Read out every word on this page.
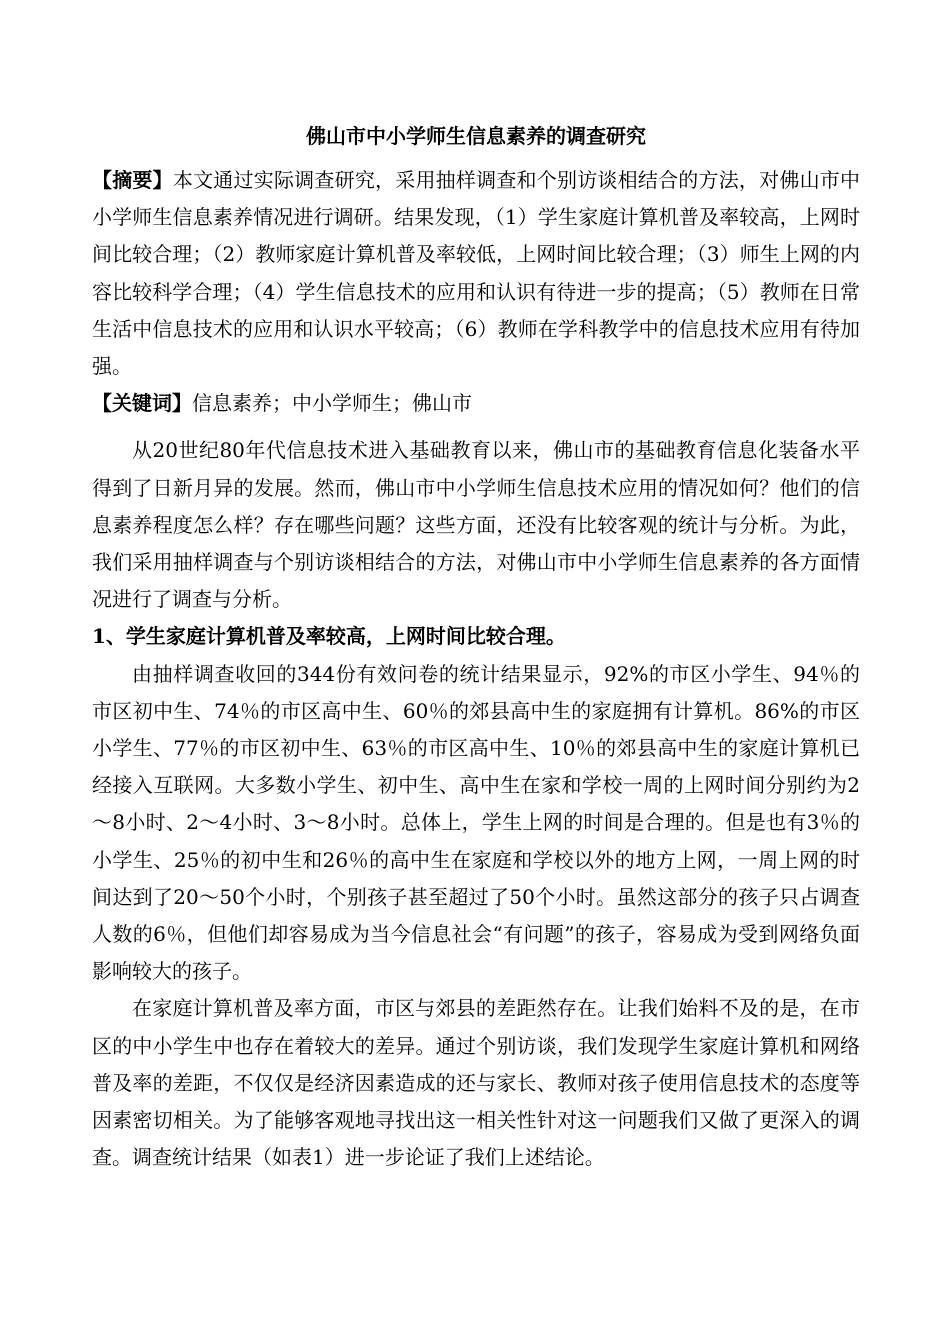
佛山市中小学师生信息素养的调查研究

【摘要】本文通过实际调查研究，采用抽样调查和个别访谈相结合的方法，对佛山市中小学师生信息素养情况进行调研。结果发现，（1）学生家庭计算机普及率较高，上网时间比较合理；（2）教师家庭计算机普及率较低，上网时间比较合理；（3）师生上网的内容比较科学合理；（4）学生信息技术的应用和认识有待进一步的提高；（5）教师在日常生活中信息技术的应用和认识水平较高；（6）教师在学科教学中的信息技术应用有待加强。

【关键词】信息素养；中小学师生；佛山市

从20世纪80年代信息技术进入基础教育以来，佛山市的基础教育信息化装备水平得到了日新月异的发展。然而，佛山市中小学师生信息技术应用的情况如何？他们的信息素养程度怎么样？存在哪些问题？这些方面，还没有比较客观的统计与分析。为此，我们采用抽样调查与个别访谈相结合的方法，对佛山市中小学师生信息素养的各方面情况进行了调查与分析。

1、学生家庭计算机普及率较高，上网时间比较合理。

由抽样调查收回的344份有效问卷的统计结果显示，92%的市区小学生、94％的市区初中生、74％的市区高中生、60％的郊县高中生的家庭拥有计算机。86%的市区小学生、77％的市区初中生、63％的市区高中生、10％的郊县高中生的家庭计算机已经接入互联网。大多数小学生、初中生、高中生在家和学校一周的上网时间分别约为2～8小时、2～4小时、3～8小时。总体上，学生上网的时间是合理的。但是也有3％的小学生、25％的初中生和26％的高中生在家庭和学校以外的地方上网，一周上网的时间达到了20～50个小时，个别孩子甚至超过了50个小时。虽然这部分的孩子只占调查人数的6％，但他们却容易成为当今信息社会“有问题”的孩子，容易成为受到网络负面影响较大的孩子。

在家庭计算机普及率方面，市区与郊县的差距然存在。让我们始料不及的是，在市区的中小学生中也存在着较大的差异。通过个别访谈，我们发现学生家庭计算机和网络普及率的差距，不仅仅是经济因素造成的还与家长、教师对孩子使用信息技术的态度等因素密切相关。为了能够客观地寻找出这一相关性针对这一问题我们又做了更深入的调查。调查统计结果（如表1）进一步论证了我们上述结论。
